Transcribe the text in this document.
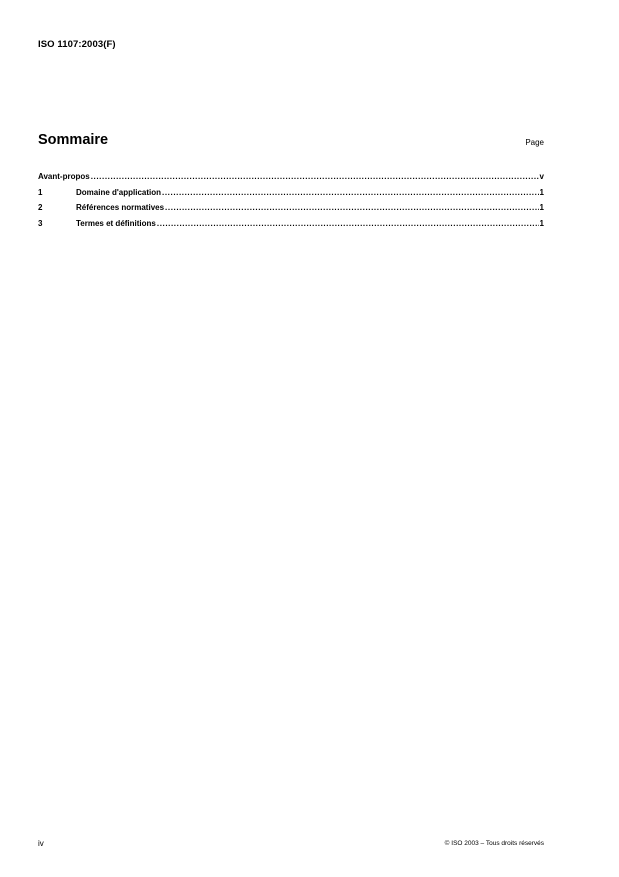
ISO 1107:2003(F)
Sommaire	Page
Avant-propos .....	v
1	Domaine d'application .....	1
2	Références normatives .....	1
3	Termes et définitions .....	1
iv	© ISO 2003 – Tous droits réservés
